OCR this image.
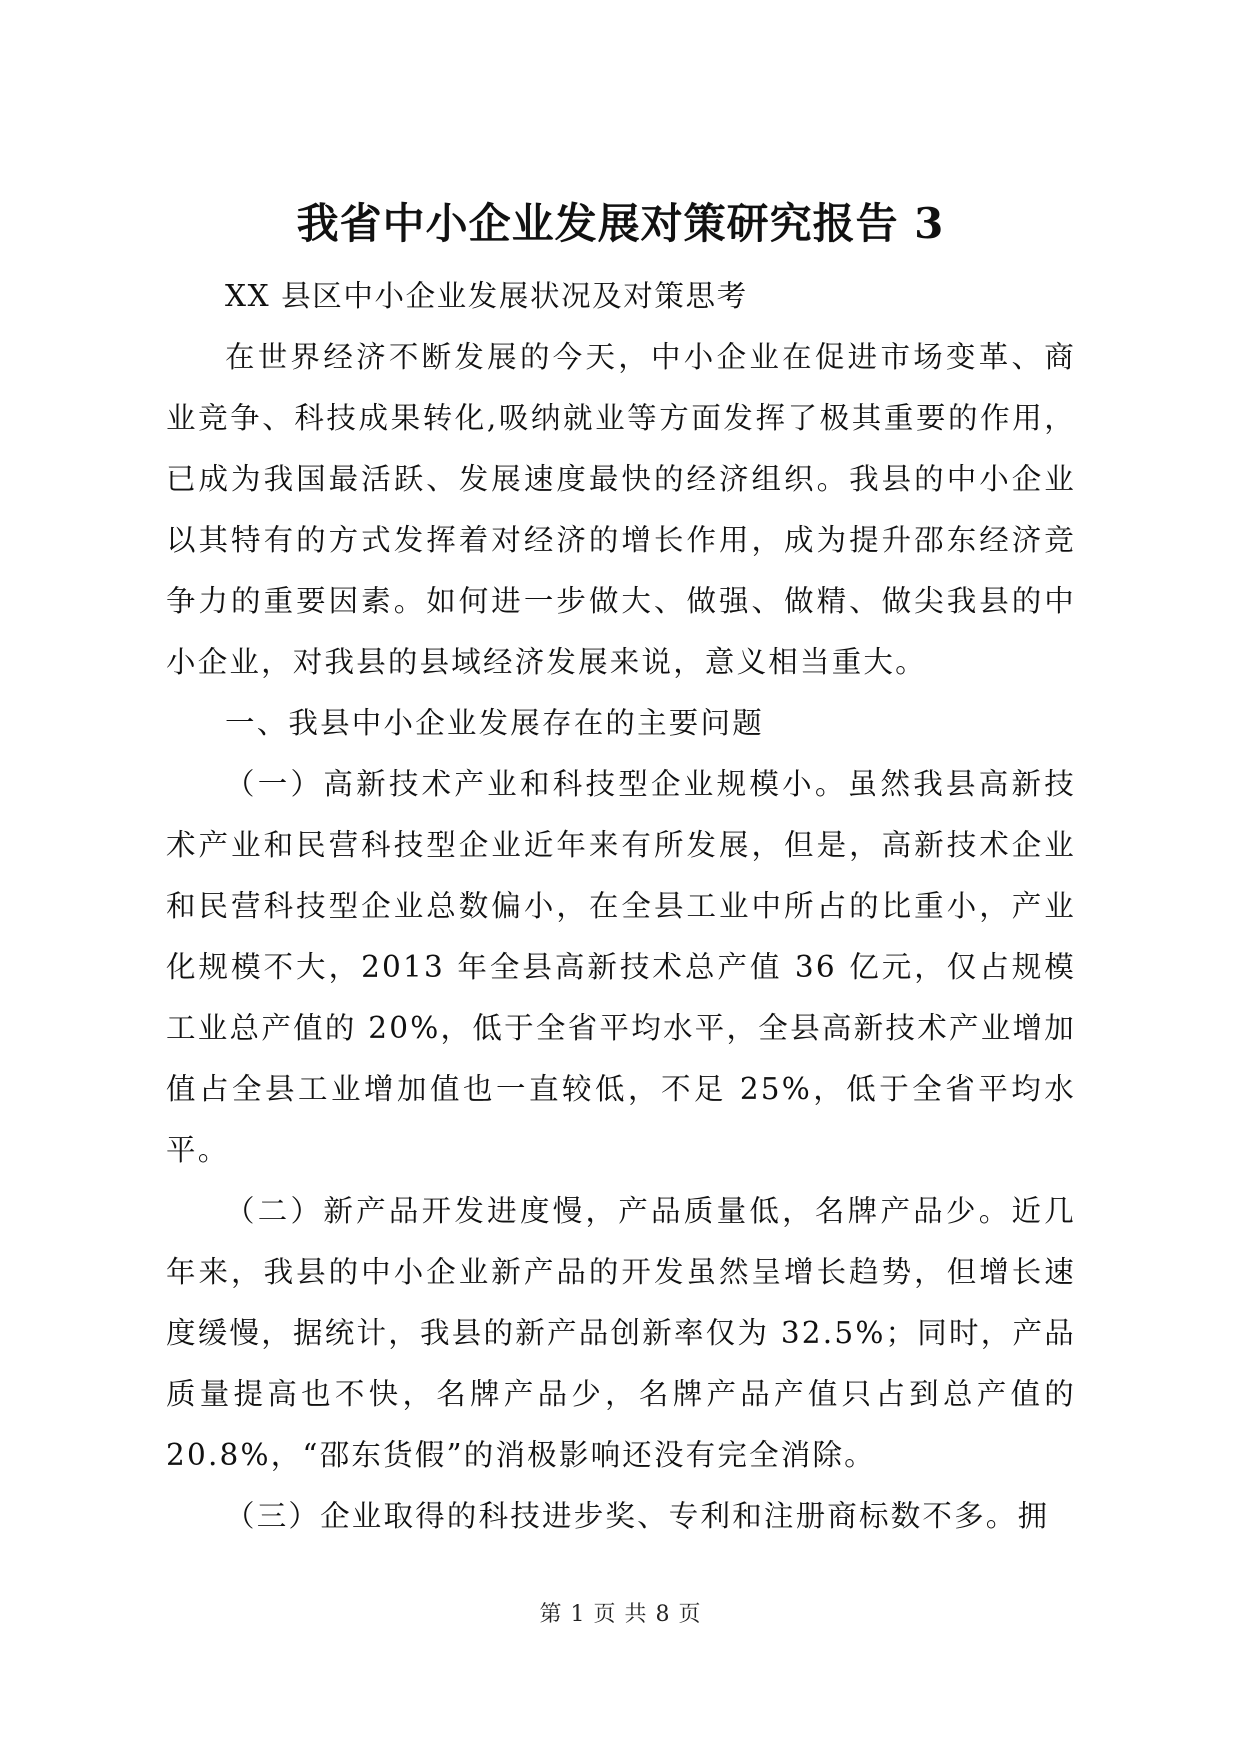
我省中小企业发展对策研究报告 3

XX 县区中小企业发展状况及对策思考

在世界经济不断发展的今天，中小企业在促进市场变革、商业竞争、科技成果转化,吸纳就业等方面发挥了极其重要的作用，已成为我国最活跃、发展速度最快的经济组织。我县的中小企业以其特有的方式发挥着对经济的增长作用，成为提升邵东经济竞争力的重要因素。如何进一步做大、做强、做精、做尖我县的中小企业，对我县的县域经济发展来说，意义相当重大。

一、我县中小企业发展存在的主要问题

（一）高新技术产业和科技型企业规模小。虽然我县高新技术产业和民营科技型企业近年来有所发展，但是，高新技术企业和民营科技型企业总数偏小，在全县工业中所占的比重小，产业化规模不大，2013 年全县高新技术总产值 36 亿元，仅占规模工业总产值的 20%，低于全省平均水平，全县高新技术产业增加值占全县工业增加值也一直较低，不足 25%，低于全省平均水平。

（二）新产品开发进度慢，产品质量低，名牌产品少。近几年来，我县的中小企业新产品的开发虽然呈增长趋势，但增长速度缓慢，据统计，我县的新产品创新率仅为 32.5%；同时，产品质量提高也不快，名牌产品少，名牌产品产值只占到总产值的 20.8%，“邵东货假”的消极影响还没有完全消除。

（三）企业取得的科技进步奖、专利和注册商标数不多。拥

第 1 页 共 8 页
